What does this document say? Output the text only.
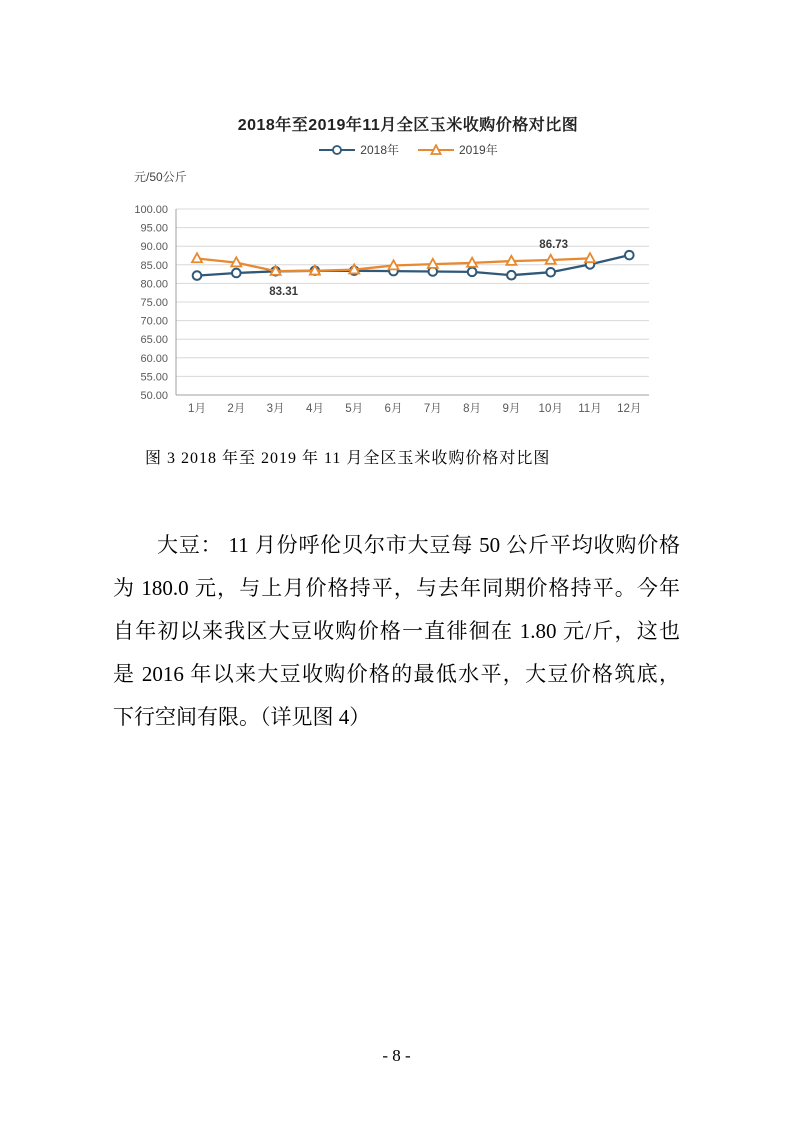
2018年至2019年11月全区玉米收购价格对比图
2018年	2019年
元/50公斤
50.00
55.00
60.00
65.00
70.00
75.00
80.00
85.00
90.00
95.00
100.00
1月 2月 3月 4月 5月 6月 7月 8月 9月 10月 11月 12月
83.31
86.73
图 3 2018 年至 2019 年 11 月全区玉米收购价格对比图
大豆： 11 月份呼伦贝尔市大豆每 50 公斤平均收购价格
为 180.0 元，与上月价格持平，与去年同期价格持平。今年
自年初以来我区大豆收购价格一直徘徊在 1.80 元/斤，这也
是 2016 年以来大豆收购价格的最低水平，大豆价格筑底，
下行空间有限。（详见图 4）
- 8 -
